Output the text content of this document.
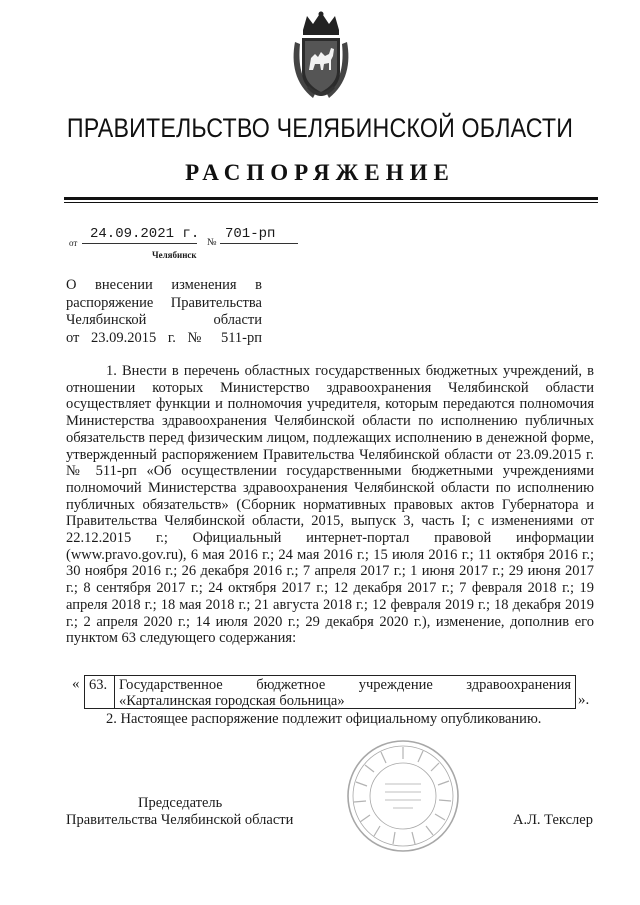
ПРАВИТЕЛЬСТВО ЧЕЛЯБИНСКОЙ ОБЛАСТИ
РАСПОРЯЖЕНИЕ
от
24.09.2021 г.
№
701-рп
Челябинск
О внесении изменения в
распоряжение Правительства
Челябинской области
от 23.09.2015 г. № 511-рп
1. Внести в перечень областных государственных бюджетных учреждений, в отношении которых Министерство здравоохранения Челябинской области осуществляет функции и полномочия учредителя, которым передаются полномочия Министерства здравоохранения Челябинской области по исполнению публичных обязательств перед физическим лицом, подлежащих исполнению в денежной форме, утвержденный распоряжением Правительства Челябинской области от 23.09.2015 г. № 511-рп «Об осуществлении государственными бюджетными учреждениями полномочий Министерства здравоохранения Челябинской области по исполнению публичных обязательств» (Сборник нормативных правовых актов Губернатора и Правительства Челябинской области, 2015, выпуск 3, часть I; с изменениями от 22.12.2015 г.; Официальный интернет-портал правовой информации (www.pravo.gov.ru), 6 мая 2016 г.; 24 мая 2016 г.; 15 июля 2016 г.; 11 октября 2016 г.; 30 ноября 2016 г.; 26 декабря 2016 г.; 7 апреля 2017 г.; 1 июня 2017 г.; 29 июня 2017 г.; 8 сентября 2017 г.; 24 октября 2017 г.; 12 декабря 2017 г.; 7 февраля 2018 г.; 19 апреля 2018 г.; 18 мая 2018 г.; 21 августа 2018 г.; 12 февраля 2019 г.; 18 декабря 2019 г.; 2 апреля 2020 г.; 14 июля 2020 г.; 29 декабря 2020 г.), изменение, дополнив его пунктом 63 следующего содержания:
« 63. Государственное бюджетное учреждение здравоохранения
«Карталинская городская больница»	».
2. Настоящее распоряжение подлежит официальному опубликованию.
Председатель
Правительства Челябинской области	А.Л. Текслер
